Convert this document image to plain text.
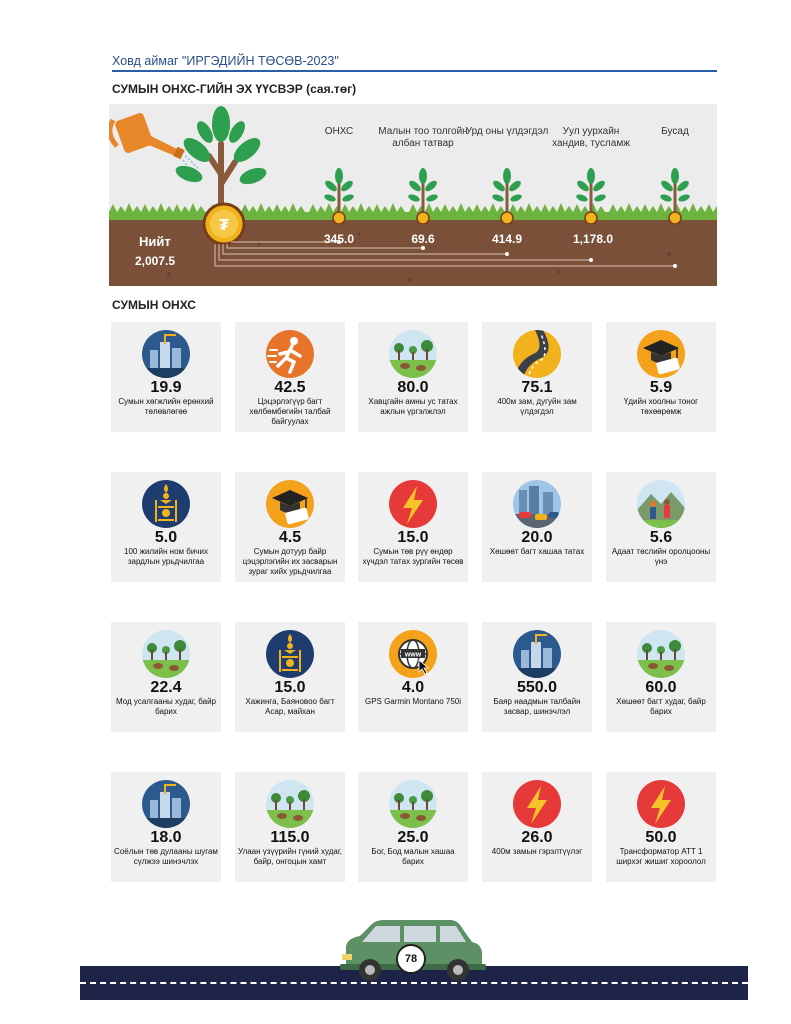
Ховд аймаг "ИРГЭДИЙН ТӨСӨВ-2023"
СУМЫН ОНХС-ГИЙН ЭХ ҮҮСВЭР (сая.төг)
₮
ОНХС	Малын тоо толгойн албан татвар
Урд оны үлдэгдэл	Уул уурхайн хандив, тусламж
Бусад
345.0	69.6	414.9	1,178.0
Нийт
2,007.5
СУМЫН ОНХС
19.9
Сумын хөгжлийн ерөнхий төлөвлөгөө
42.5
Цэцэрлэгүүр багт хөлбөмбөгийн талбай байгуулах
80.0
Хавцгайн амны ус татах ажлын үргэлжлэл
75.1
400м зам, дугуйн зам үлдэгдэл
5.9
Үдийн хоолны тоног төхөөрөмж
5.0
100 жилийн ном бичих зардлын урьдчилгаа
4.5
Сумын дотуур байр цэцэрлэгийн их засварын зураг хийх урьдчилгаа
15.0
Сумын төв рүү өндөр хүчдэл татах зургийн төсөв
20.0
Хөшөөт багт хашаа татах
5.6
Адаат төслийн оролцооны үнэ
22.4
Мод усалгааны худаг, байр барих
15.0
Хажинга, Баяновоо багт Асар, майхан
www
4.0
GPS Garmin Montano 750i
550.0
Баяр наадмын талбайн засвар, шинэчлэл
60.0
Хөшөөт багт худаг, байр барих
18.0
Соёлын төв дулааны шугам сүлжээ шинэчлэх
115.0
Улаан үзүүрийн гүний худаг, байр, онгоцын хамт
25.0
Бог, Бод малын хашаа барих
26.0
400м замын гэрэлтүүлэг
50.0
Трансформатор АТТ 1 ширхэг жишиг хороолол
78
